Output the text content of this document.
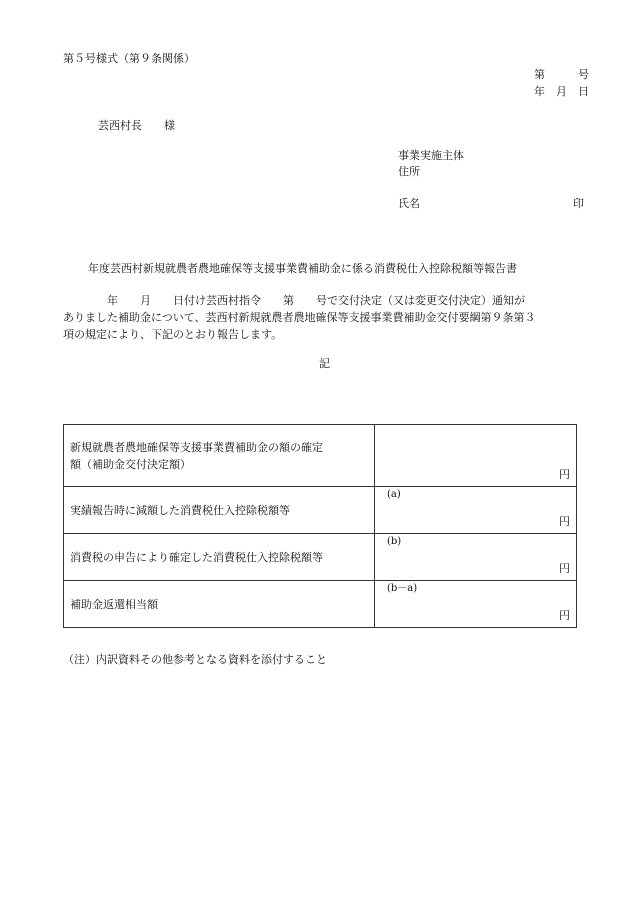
第５号様式（第９条関係）
第　　　号
年　月　日
芸西村長　　様
事業実施主体
住所
氏名	印
年度芸西村新規就農者農地確保等支援事業費補助金に係る消費税仕入控除税額等報告書

　　　　年　　月　　日付け芸西村指令　　第　　号で交付決定（又は変更交付決定）通知が

ありました補助金について、芸西村新規就農者農地確保等支援事業費補助金交付要綱第９条第３

項の規定により、下記のとおり報告します。

記
新規就農者農地確保等支援事業費補助金の額の確定
額（補助金交付決定額）	円

実績報告時に減額した消費税仕入控除税額等	(a)
円

消費税の申告により確定した消費税仕入控除税額等	(b)
円

補助金返還相当額	(b－a)
円
（注）内訳資料その他参考となる資料を添付すること
